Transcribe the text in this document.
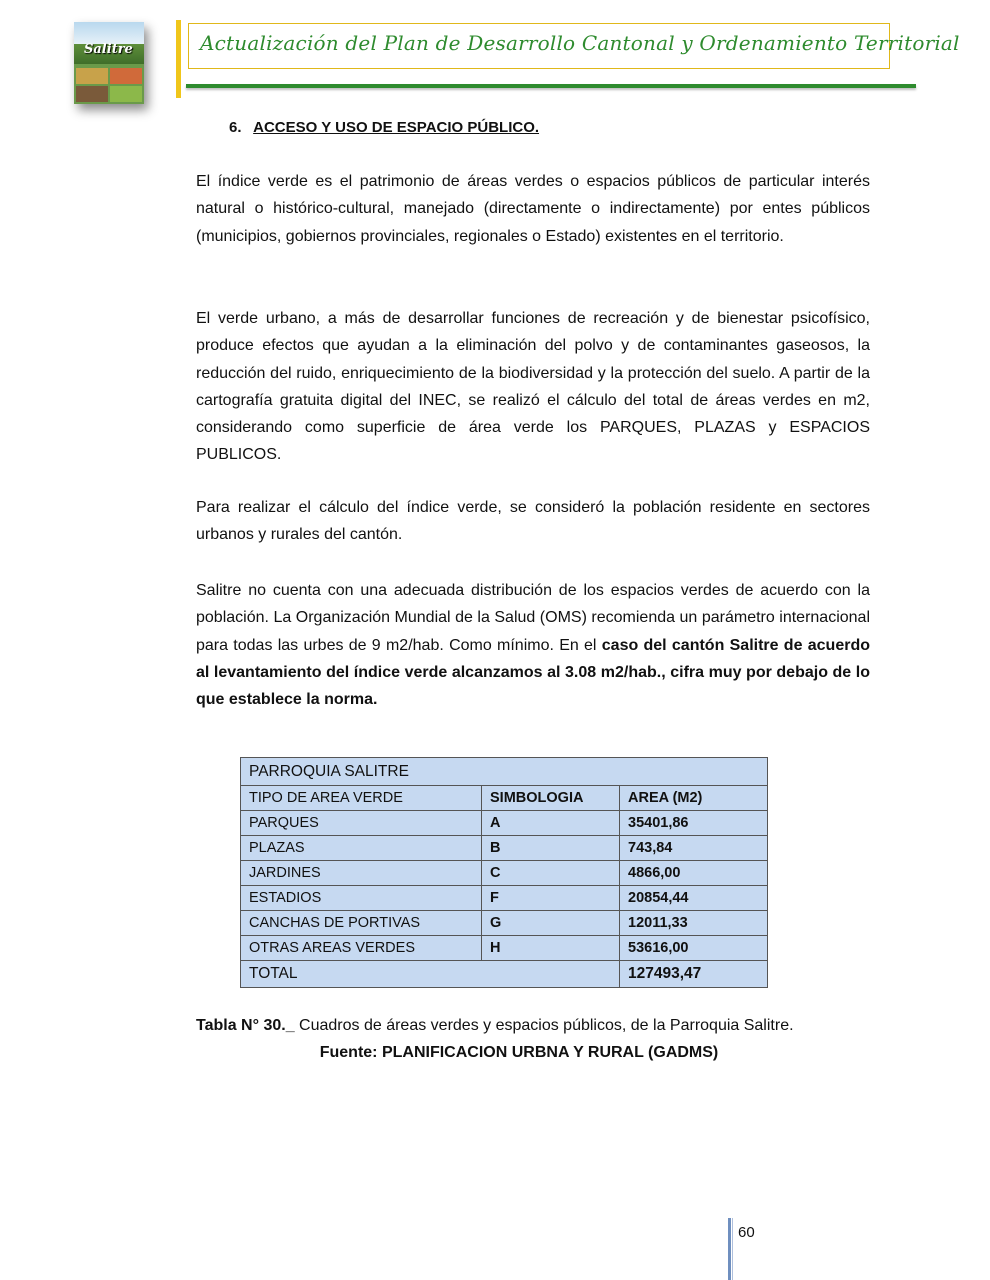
Salitre	Actualización del Plan de Desarrollo Cantonal y Ordenamiento Territorial
6. ACCESO Y USO DE ESPACIO PÚBLICO.

El índice verde es el patrimonio de áreas verdes o espacios públicos de particular interés natural o histórico-cultural, manejado (directamente o indirectamente) por entes públicos (municipios, gobiernos provinciales, regionales o Estado) existentes en el territorio.

El verde urbano, a más de desarrollar funciones de recreación y de bienestar psicofísico, produce efectos que ayudan a la eliminación del polvo y de contaminantes gaseosos, la reducción del ruido, enriquecimiento de la biodiversidad y la protección del suelo. A partir de la cartografía gratuita digital del INEC, se realizó el cálculo del total de áreas verdes en m2, considerando como superficie de área verde los PARQUES, PLAZAS y ESPACIOS PUBLICOS.

Para realizar el cálculo del índice verde, se consideró la población residente en sectores urbanos y rurales del cantón.

Salitre no cuenta con una adecuada distribución de los espacios verdes de acuerdo con la población. La Organización Mundial de la Salud (OMS) recomienda un parámetro internacional para todas las urbes de 9 m2/hab. Como mínimo. En el caso del cantón Salitre de acuerdo al levantamiento del índice verde alcanzamos al 3.08 m2/hab., cifra muy por debajo de lo que establece la norma.

PARROQUIA SALITRE		
TIPO DE AREA VERDE	SIMBOLOGIA	AREA (M2)
PARQUES	A	35401,86
PLAZAS	B	743,84
JARDINES	C	4866,00
ESTADIOS	F	20854,44
CANCHAS DE PORTIVAS	G	12011,33
OTRAS AREAS VERDES	H	53616,00
TOTAL		127493,47
Tabla N° 30._ Cuadros de áreas verdes y espacios públicos, de la Parroquia Salitre.
Fuente: PLANIFICACION URBNA Y RURAL (GADMS)
60
